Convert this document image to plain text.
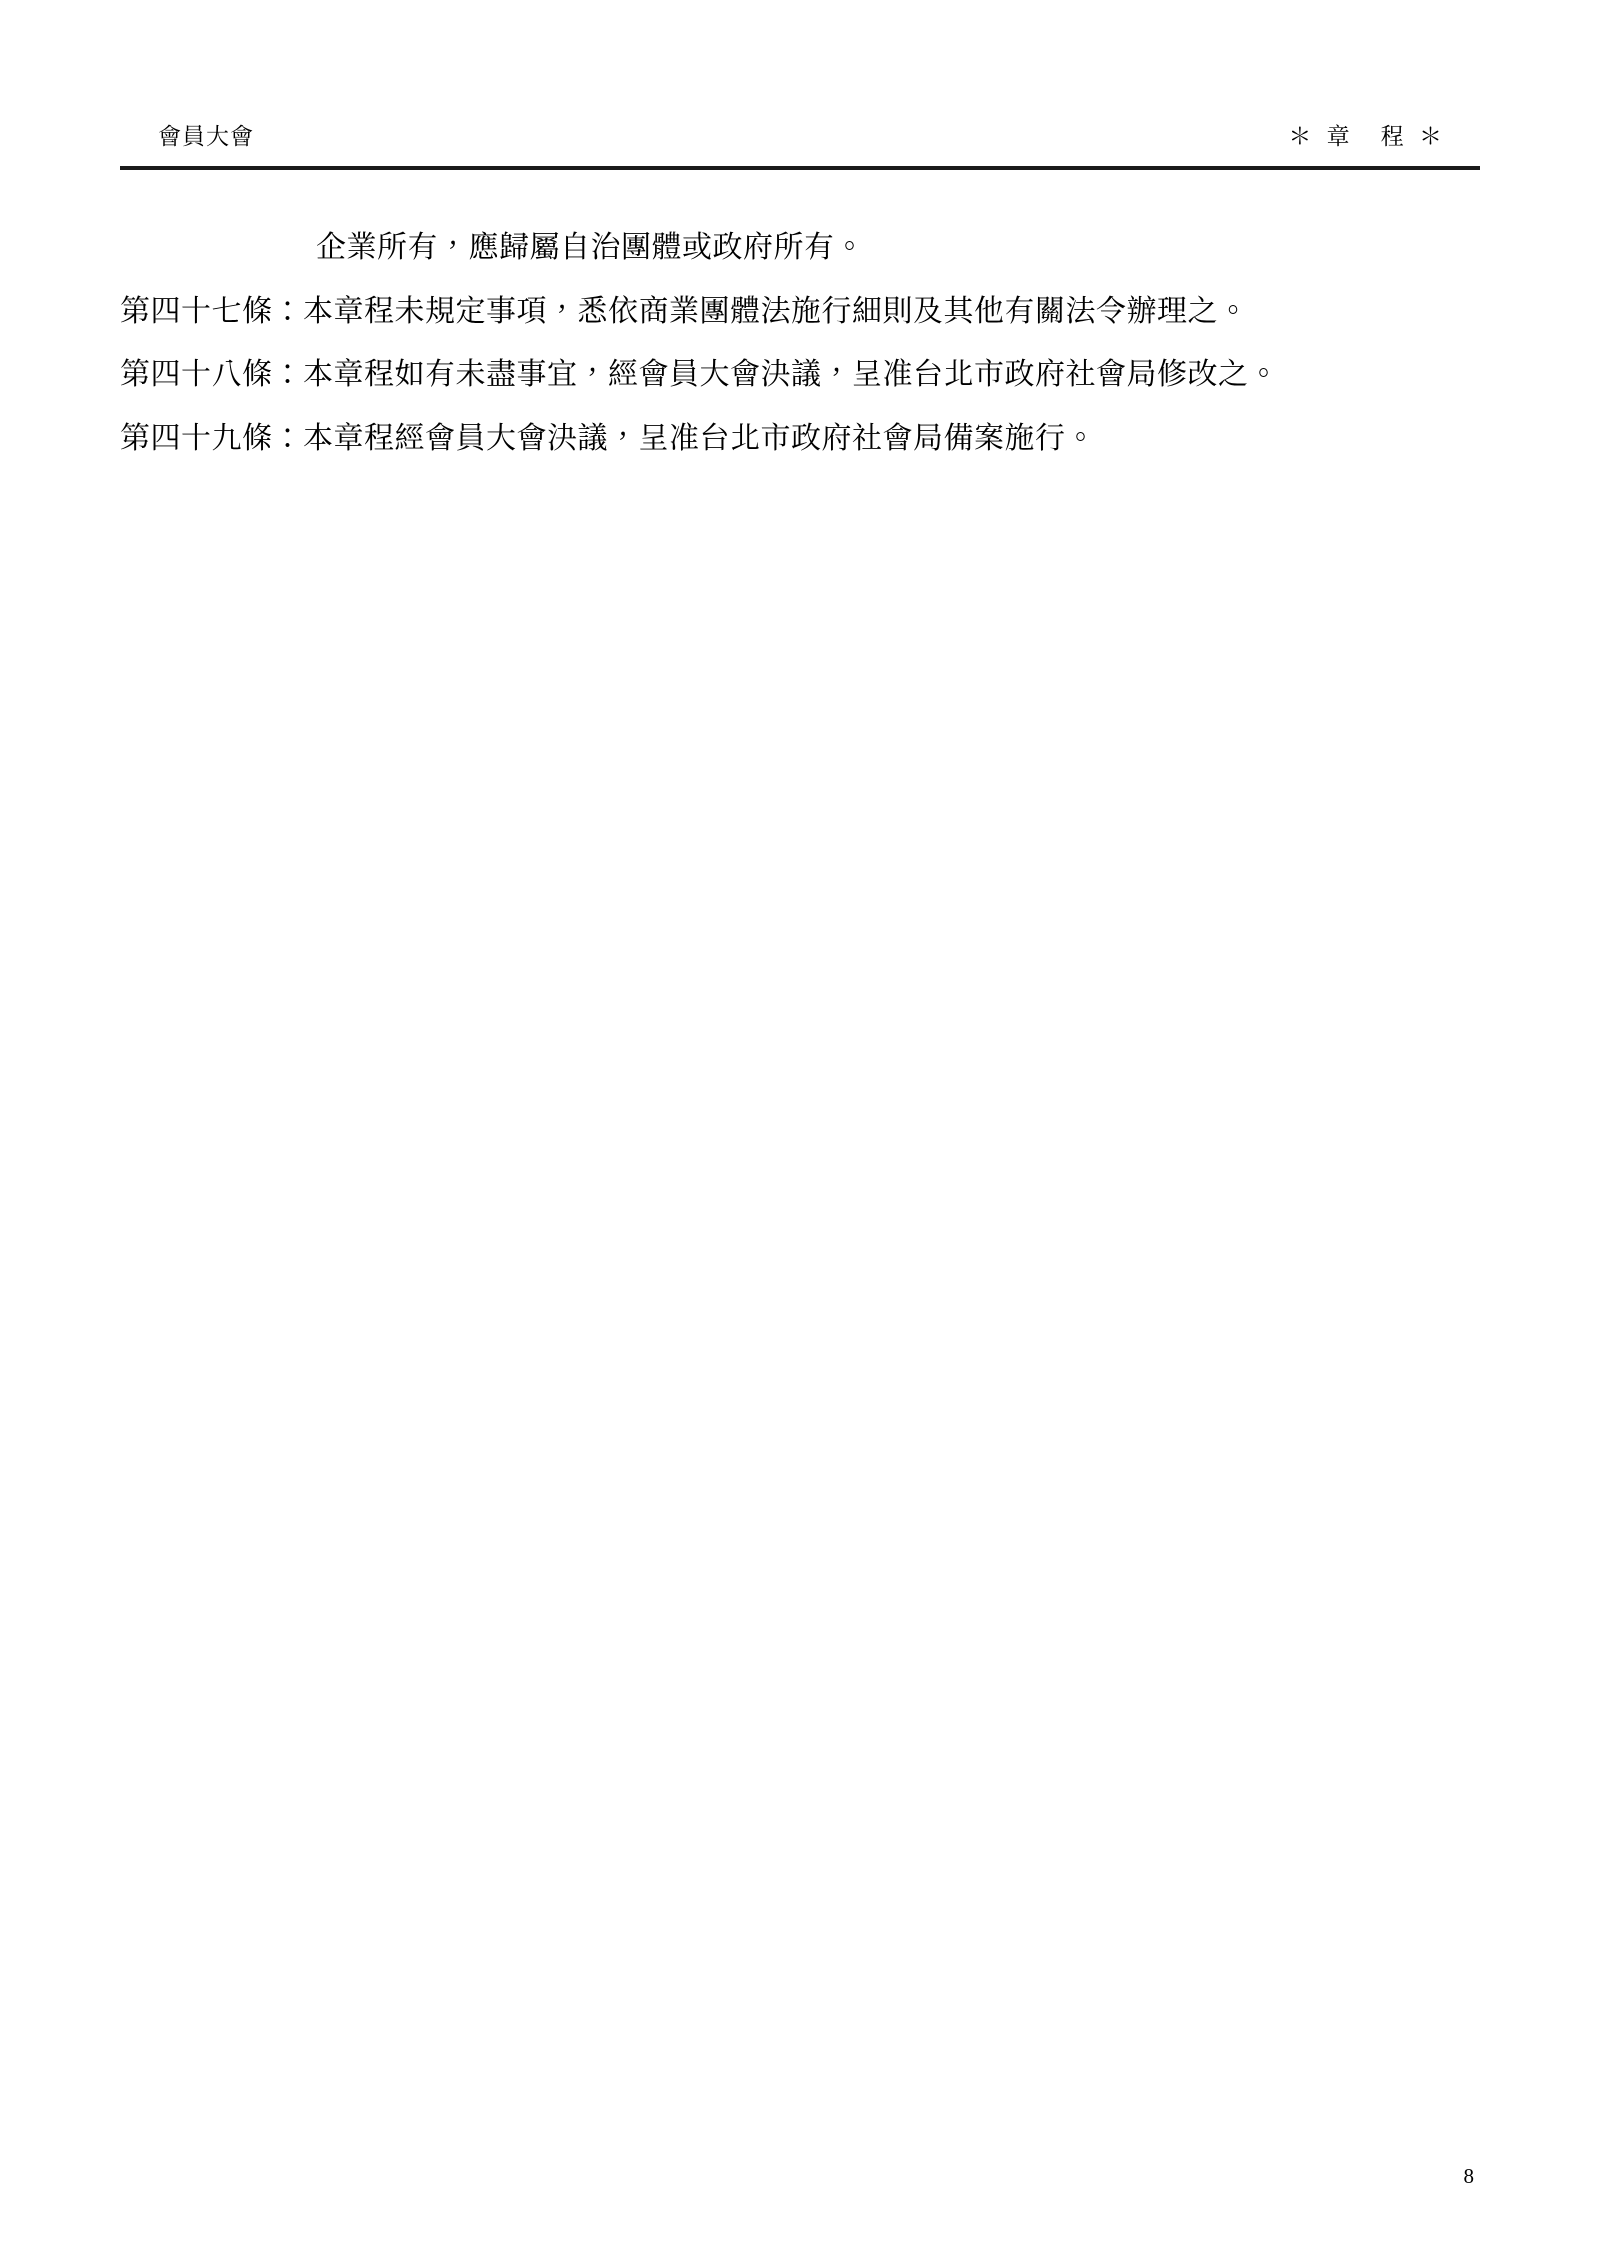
會員大會	＊ 章　程 ＊

企業所有，應歸屬自治團體或政府所有。

第四十七條：本章程未規定事項，悉依商業團體法施行細則及其他有關法令辦理之。

第四十八條：本章程如有未盡事宜，經會員大會決議，呈准台北市政府社會局修改之。

第四十九條：本章程經會員大會決議，呈准台北市政府社會局備案施行。

8
